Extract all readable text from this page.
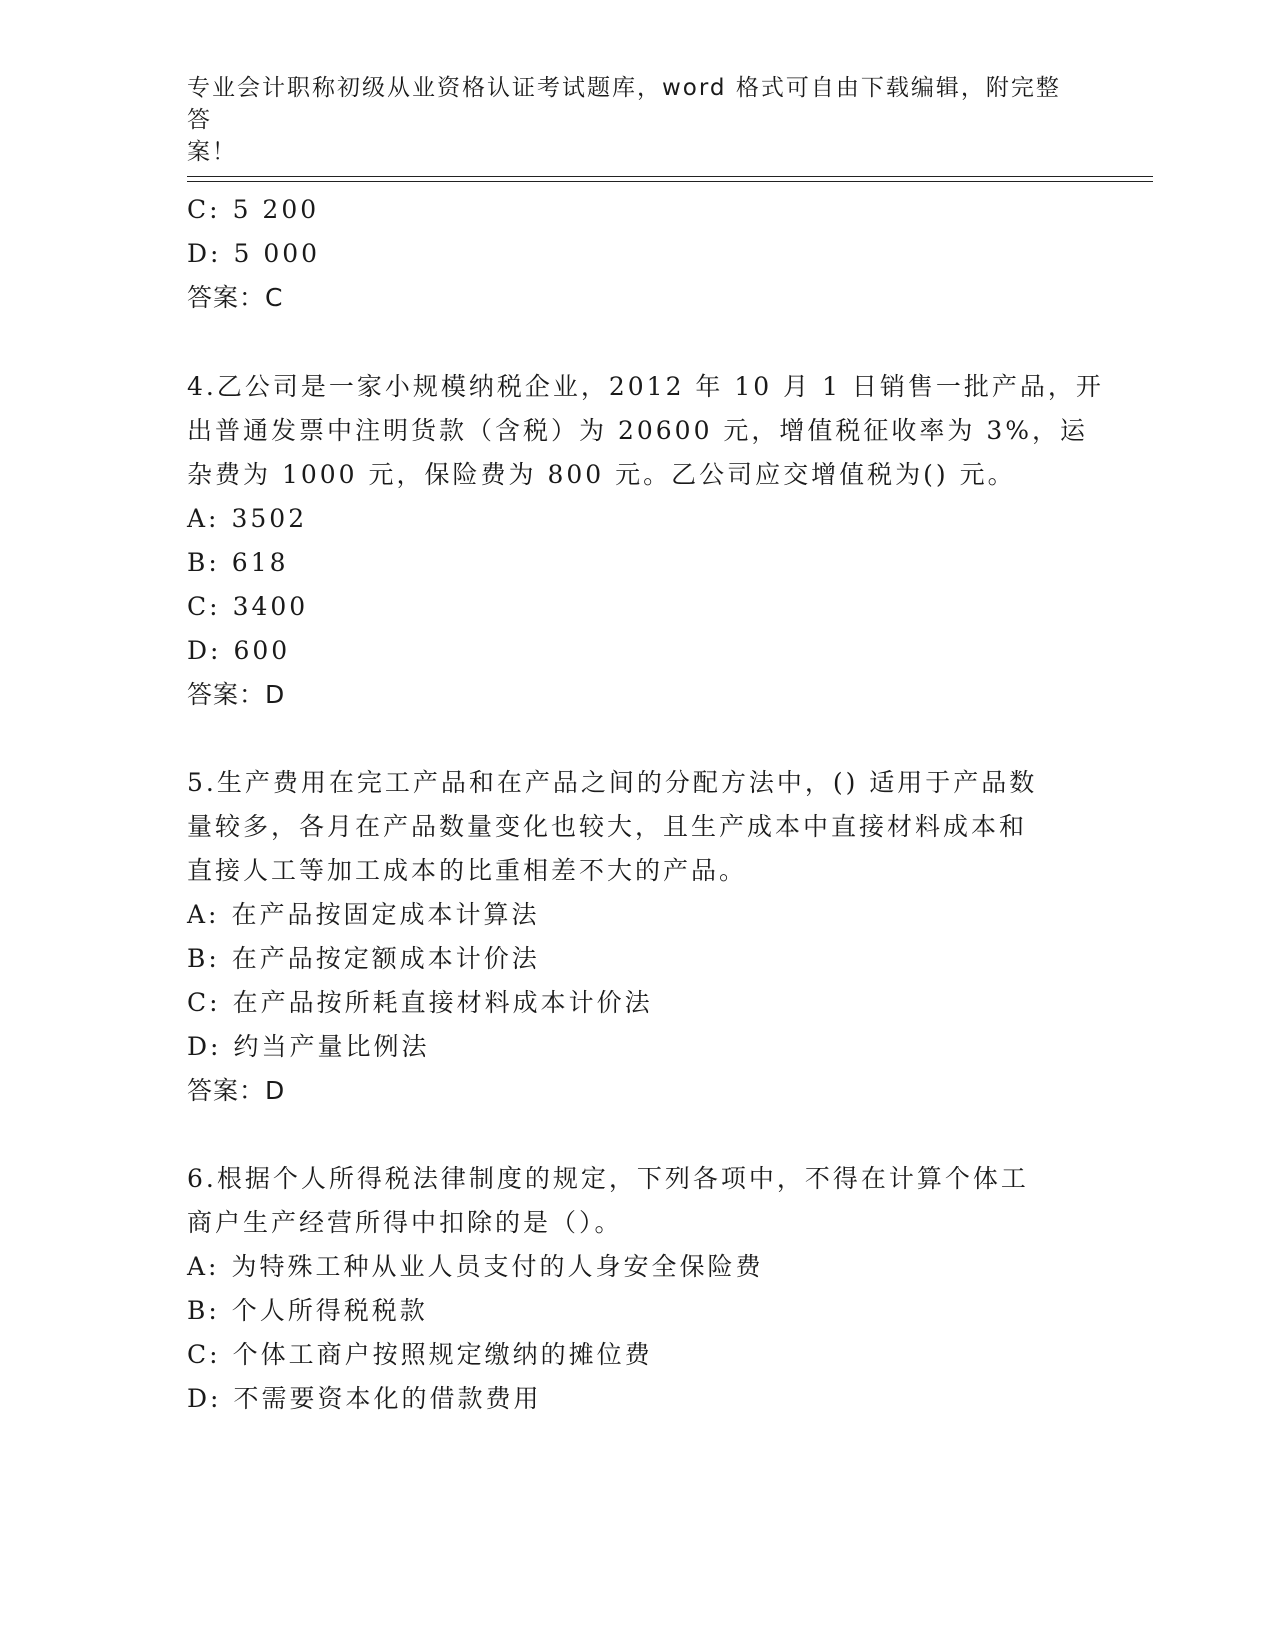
专业会计职称初级从业资格认证考试题库，word 格式可自由下载编辑，附完整答
案！
C: 5 200
D: 5 000
答案：C
4.乙公司是一家小规模纳税企业，2012 年 10 月 1 日销售一批产品，开
出普通发票中注明货款（含税）为 20600 元，增值税征收率为 3%，运
杂费为 1000 元，保险费为 800 元。乙公司应交增值税为() 元。
A: 3502
B: 618
C: 3400
D: 600
答案：D
5.生产费用在完工产品和在产品之间的分配方法中，() 适用于产品数
量较多，各月在产品数量变化也较大，且生产成本中直接材料成本和
直接人工等加工成本的比重相差不大的产品。
A: 在产品按固定成本计算法
B: 在产品按定额成本计价法
C: 在产品按所耗直接材料成本计价法
D: 约当产量比例法
答案：D
6.根据个人所得税法律制度的规定，下列各项中，不得在计算个体工
商户生产经营所得中扣除的是（）。
A: 为特殊工种从业人员支付的人身安全保险费
B: 个人所得税税款
C: 个体工商户按照规定缴纳的摊位费
D: 不需要资本化的借款费用
